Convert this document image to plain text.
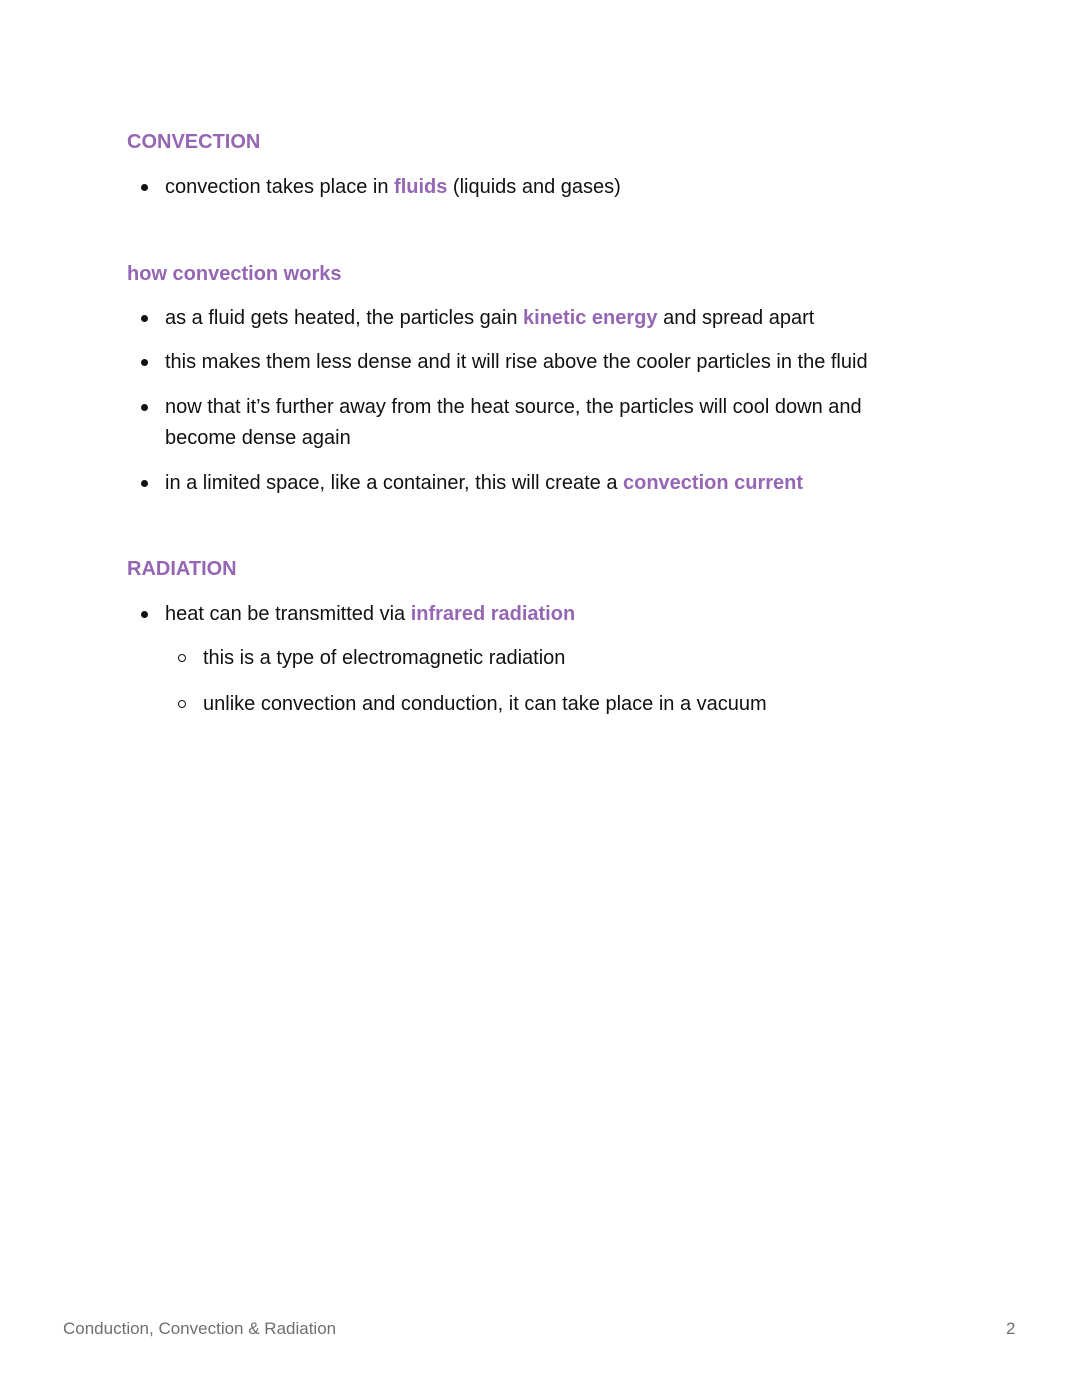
CONVECTION
convection takes place in fluids (liquids and gases)
how convection works
as a fluid gets heated, the particles gain kinetic energy and spread apart
this makes them less dense and it will rise above the cooler particles in the fluid
now that it’s further away from the heat source, the particles will cool down and
become dense again
in a limited space, like a container, this will create a convection current
RADIATION
heat can be transmitted via infrared radiation
this is a type of electromagnetic radiation
unlike convection and conduction, it can take place in a vacuum
Conduction, Convection & Radiation	2
